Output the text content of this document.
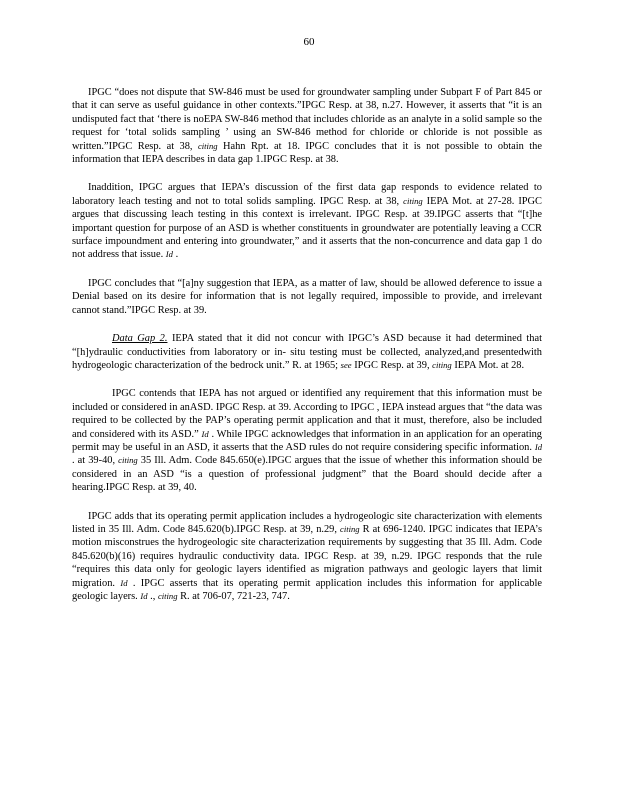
60

IPGC “does not dispute that SW-846 must be used for groundwater sampling under Subpart F of Part 845 or that it can serve as useful guidance in other contexts.”IPGC Resp. at 38, n.27. However, it asserts that “it is an undisputed fact that ‘there is noEPA SW-846 method that includes chloride as an analyte in a solid sample so the request for ‘total solids sampling ’ using an SW-846 method for chloride or chloride is not possible as written.”IPGC Resp. at 38, citing Hahn Rpt. at 18. IPGC concludes that it is not possible to obtain the information that IEPA describes in data gap 1.IPGC Resp. at 38.

Inaddition, IPGC argues that IEPA’s discussion of the first data gap responds to evidence related to laboratory leach testing and not to total solids sampling. IPGC Resp. at 38, citing IEPA Mot. at 27-28. IPGC argues that discussing leach testing in this context is irrelevant. IPGC Resp. at 39.IPGC asserts that “[t]he important question for purpose of an ASD is whether constituents in groundwater are potentially leaving a CCR surface impoundment and entering into groundwater,” and it asserts that the non-concurrence and data gap 1 do not address that issue. Id .

IPGC concludes that “[a]ny suggestion that IEPA, as a matter of law, should be allowed deference to issue a Denial based on its desire for information that is not legally required, impossible to provide, and irrelevant cannot stand.”IPGC Resp. at 39.

Data Gap 2. IEPA stated that it did not concur with IPGC’s ASD because it had determined that “[h]ydraulic conductivities from laboratory or in- situ testing must be collected, analyzed,and presentedwith hydrogeologic characterization of the bedrock unit.” R. at 1965; see IPGC Resp. at 39, citing IEPA Mot. at 28.

IPGC contends that IEPA has not argued or identified any requirement that this information must be included or considered in anASD. IPGC Resp. at 39. According to IPGC , IEPA instead argues that “the data was required to be collected by the PAP’s operating permit application and that it must, therefore, also be included and considered with its ASD.” Id . While IPGC acknowledges that information in an application for an operating permit may be useful in an ASD, it asserts that the ASD rules do not require considering specific information. Id . at 39-40, citing 35 Ill. Adm. Code 845.650(e).IPGC argues that the issue of whether this information should be considered in an ASD “is a question of professional judgment” that the Board should decide after a hearing.IPGC Resp. at 39, 40.

IPGC adds that its operating permit application includes a hydrogeologic site characterization with elements listed in 35 Ill. Adm. Code 845.620(b).IPGC Resp. at 39, n.29, citing R at 696-1240. IPGC indicates that IEPA’s motion misconstrues the hydrogeologic site characterization requirements by suggesting that 35 Ill. Adm. Code 845.620(b)(16) requires hydraulic conductivity data. IPGC Resp. at 39, n.29. IPGC responds that the rule “requires this data only for geologic layers identified as migration pathways and geologic layers that limit migration. Id . IPGC asserts that its operating permit application includes this information for applicable geologic layers. Id ., citing R. at 706-07, 721-23, 747.
